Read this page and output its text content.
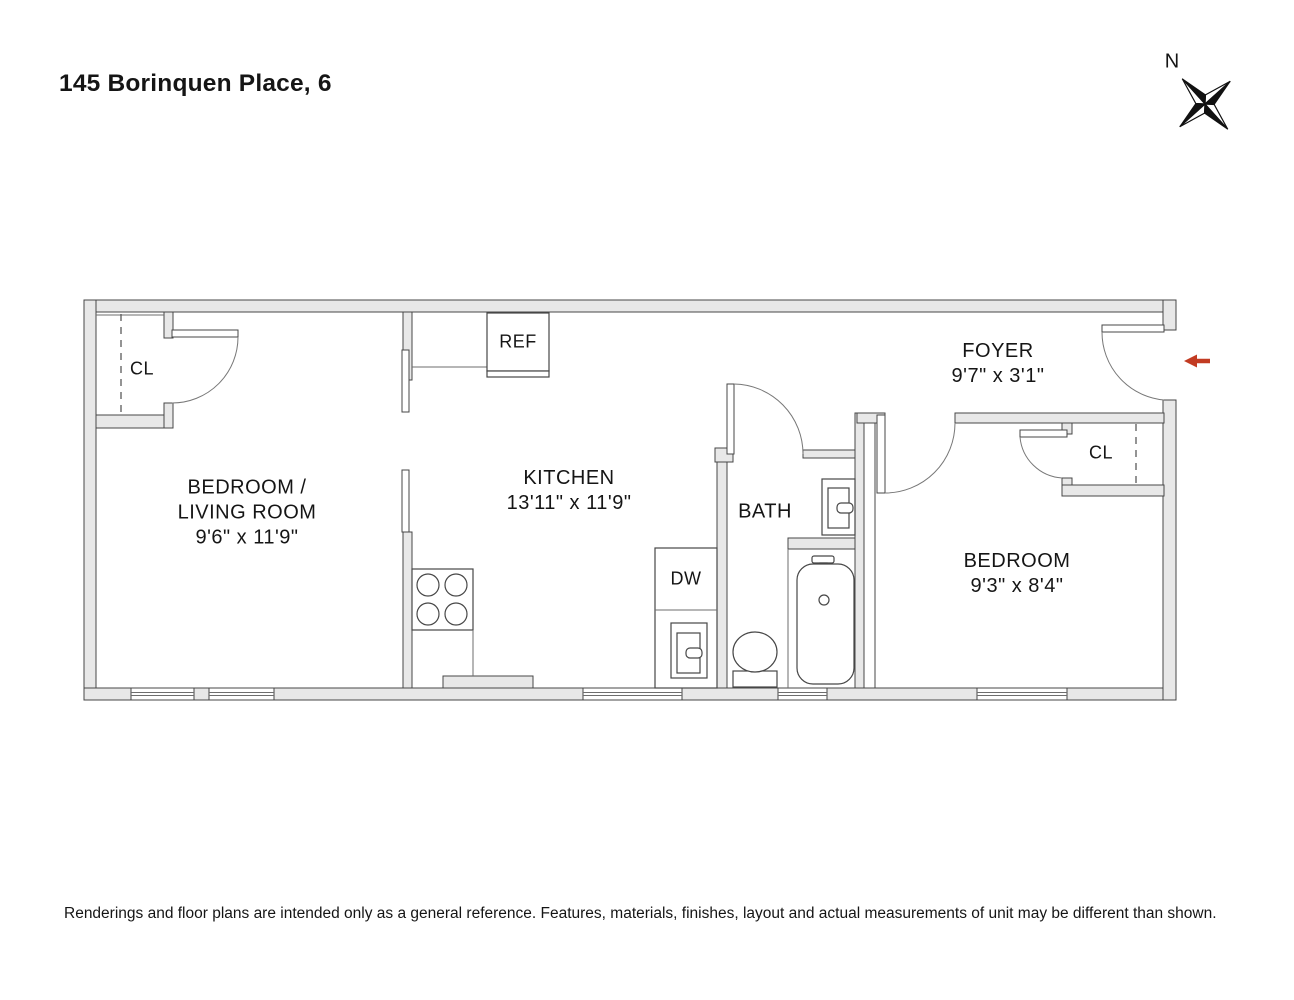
145 Borinquen Place, 6
N
BEDROOM /
LIVING ROOM
9'6" x 11'9"
KITCHEN
13'11" x 11'9"	BATH
FOYER
9'7" x 3'1"
BEDROOM
9'3" x 8'4"
CL
CL
REF
DW
Renderings and floor plans are intended only as a general reference. Features, materials, finishes, layout and actual measurements of unit may be different than shown.
